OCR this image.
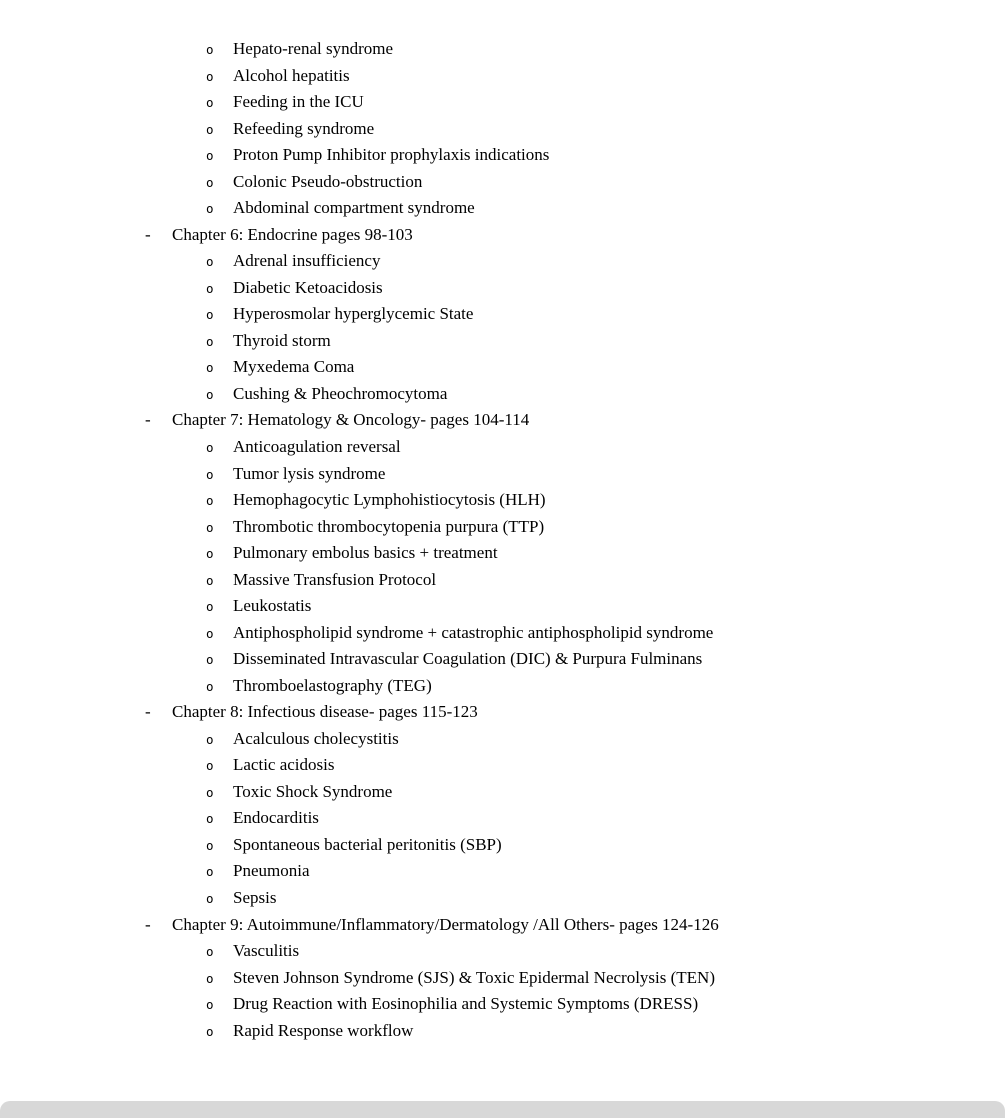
o Hepato-renal syndrome
o Alcohol hepatitis
o Feeding in the ICU
o Refeeding syndrome
o Proton Pump Inhibitor prophylaxis indications
o Colonic Pseudo-obstruction
o Abdominal compartment syndrome
- Chapter 6: Endocrine pages 98-103
o Adrenal insufficiency
o Diabetic Ketoacidosis
o Hyperosmolar hyperglycemic State
o Thyroid storm
o Myxedema Coma
o Cushing & Pheochromocytoma
- Chapter 7: Hematology & Oncology- pages 104-114
o Anticoagulation reversal
o Tumor lysis syndrome
o Hemophagocytic Lymphohistiocytosis (HLH)
o Thrombotic thrombocytopenia purpura (TTP)
o Pulmonary embolus basics + treatment
o Massive Transfusion Protocol
o Leukostatis
o Antiphospholipid syndrome + catastrophic antiphospholipid syndrome
o Disseminated Intravascular Coagulation (DIC) & Purpura Fulminans
o Thromboelastography (TEG)
- Chapter 8: Infectious disease- pages 115-123
o Acalculous cholecystitis
o Lactic acidosis
o Toxic Shock Syndrome
o Endocarditis
o Spontaneous bacterial peritonitis (SBP)
o Pneumonia
o Sepsis
- Chapter 9: Autoimmune/Inflammatory/Dermatology /All Others- pages 124-126
o Vasculitis
o Steven Johnson Syndrome (SJS) & Toxic Epidermal Necrolysis (TEN)
o Drug Reaction with Eosinophilia and Systemic Symptoms (DRESS)
o Rapid Response workflow
